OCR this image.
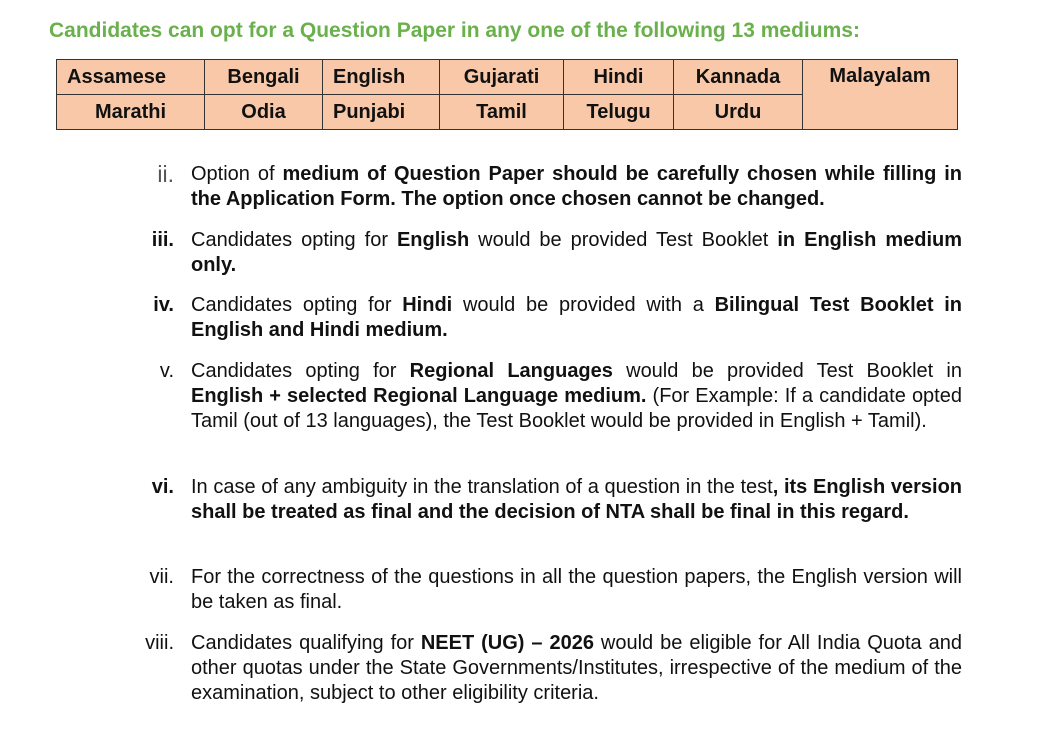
Candidates can opt for a Question Paper in any one of the following 13 mediums:
Assamese	Bengali	English	Gujarati	Hindi	Kannada	Malayalam
Marathi	Odia	Punjabi	Tamil	Telugu	Urdu	
ii. Option of medium of Question Paper should be carefully chosen while filling in the Application Form. The option once chosen cannot be changed.
iii. Candidates opting for English would be provided Test Booklet in English medium only.
iv. Candidates opting for Hindi would be provided with a Bilingual Test Booklet in English and Hindi medium.
v. Candidates opting for Regional Languages would be provided Test Booklet in English + selected Regional Language medium. (For Example: If a candidate opted Tamil (out of 13 languages), the Test Booklet would be provided in English + Tamil).
vi. In case of any ambiguity in the translation of a question in the test, its English version shall be treated as final and the decision of NTA shall be final in this regard.
vii. For the correctness of the questions in all the question papers, the English version will be taken as final.
viii. Candidates qualifying for NEET (UG) – 2026 would be eligible for All India Quota and other quotas under the State Governments/Institutes, irrespective of the medium of the examination, subject to other eligibility criteria.
